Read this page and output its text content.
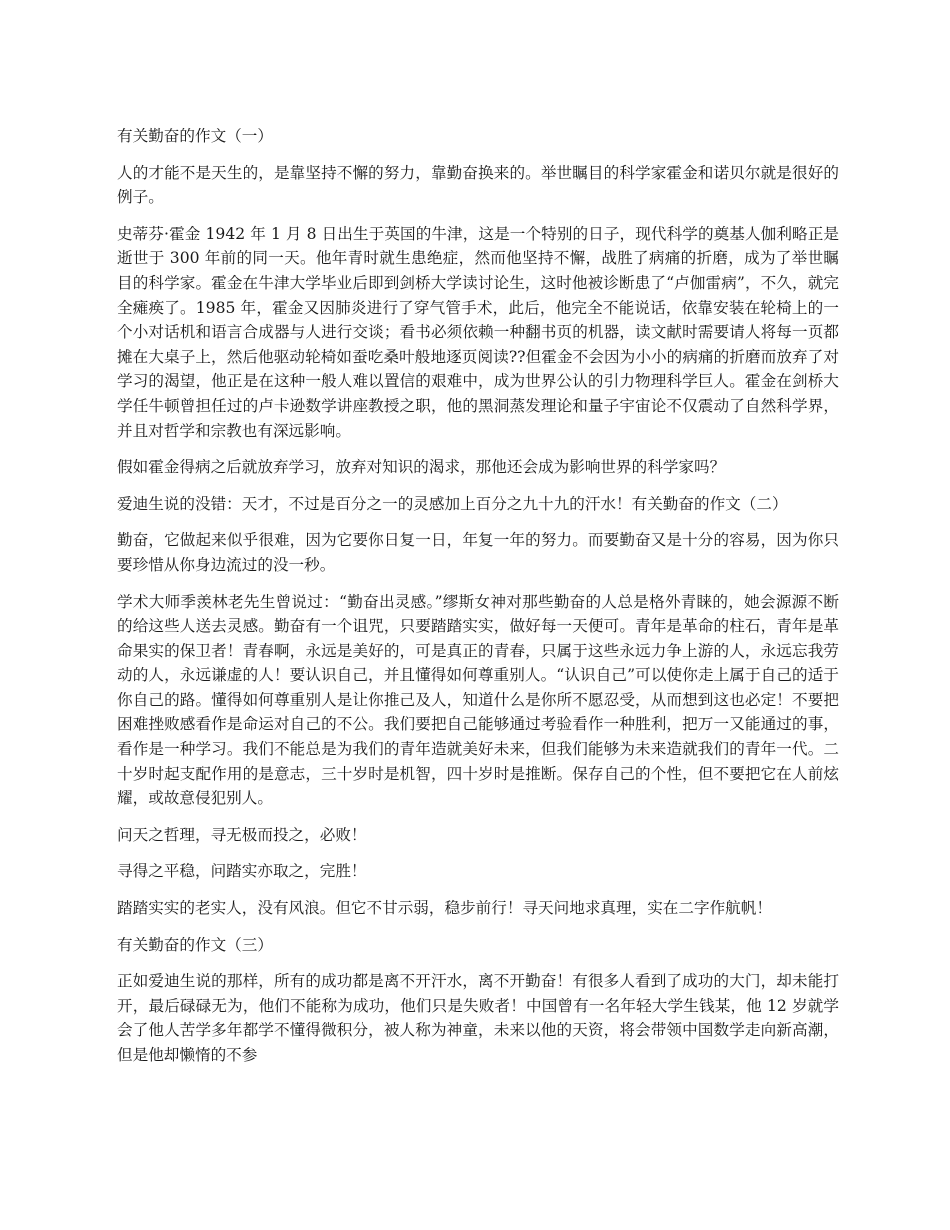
有关勤奋的作文（一）

人的才能不是天生的，是靠坚持不懈的努力，靠勤奋换来的。举世瞩目的科学家霍金和诺贝尔就是很好的例子。

史蒂芬·霍金 1942 年 1 月 8 日出生于英国的牛津，这是一个特别的日子，现代科学的奠基人伽利略正是逝世于 300 年前的同一天。他年青时就生患绝症，然而他坚持不懈，战胜了病痛的折磨，成为了举世瞩目的科学家。霍金在牛津大学毕业后即到剑桥大学读讨论生，这时他被诊断患了“卢伽雷病”，不久，就完全瘫痪了。1985 年，霍金又因肺炎进行了穿气管手术，此后，他完全不能说话，依靠安装在轮椅上的一个小对话机和语言合成器与人进行交谈；看书必须依赖一种翻书页的机器，读文献时需要请人将每一页都摊在大桌子上，然后他驱动轮椅如蚕吃桑叶般地逐页阅读??但霍金不会因为小小的病痛的折磨而放弃了对学习的渴望，他正是在这种一般人难以置信的艰难中，成为世界公认的引力物理科学巨人。霍金在剑桥大学任牛顿曾担任过的卢卡逊数学讲座教授之职，他的黑洞蒸发理论和量子宇宙论不仅震动了自然科学界，并且对哲学和宗教也有深远影响。

假如霍金得病之后就放弃学习，放弃对知识的渴求，那他还会成为影响世界的科学家吗？

爱迪生说的没错：天才，不过是百分之一的灵感加上百分之九十九的汗水！有关勤奋的作文（二）

勤奋，它做起来似乎很难，因为它要你日复一日，年复一年的努力。而要勤奋又是十分的容易，因为你只要珍惜从你身边流过的没一秒。

学术大师季羡林老先生曾说过：“勤奋出灵感。”缪斯女神对那些勤奋的人总是格外青睐的，她会源源不断的给这些人送去灵感。勤奋有一个诅咒，只要踏踏实实，做好每一天便可。青年是革命的柱石，青年是革命果实的保卫者！青春啊，永远是美好的，可是真正的青春，只属于这些永远力争上游的人，永远忘我劳动的人，永远谦虚的人！要认识自己，并且懂得如何尊重别人。“认识自己”可以使你走上属于自己的适于你自己的路。懂得如何尊重别人是让你推己及人，知道什么是你所不愿忍受，从而想到这也必定！不要把困难挫败感看作是命运对自己的不公。我们要把自己能够通过考验看作一种胜利，把万一又能通过的事，看作是一种学习。我们不能总是为我们的青年造就美好未来，但我们能够为未来造就我们的青年一代。二十岁时起支配作用的是意志，三十岁时是机智，四十岁时是推断。保存自己的个性，但不要把它在人前炫耀，或故意侵犯别人。

问天之哲理，寻无极而投之，必败！

寻得之平稳，问踏实亦取之，完胜！

踏踏实实的老实人，没有风浪。但它不甘示弱，稳步前行！寻天问地求真理，实在二字作航帆！

有关勤奋的作文（三）

正如爱迪生说的那样，所有的成功都是离不开汗水，离不开勤奋！有很多人看到了成功的大门，却未能打开，最后碌碌无为，他们不能称为成功，他们只是失败者！中国曾有一名年轻大学生钱某，他 12 岁就学会了他人苦学多年都学不懂得微积分，被人称为神童，未来以他的天资，将会带领中国数学走向新高潮，但是他却懒惰的不参
